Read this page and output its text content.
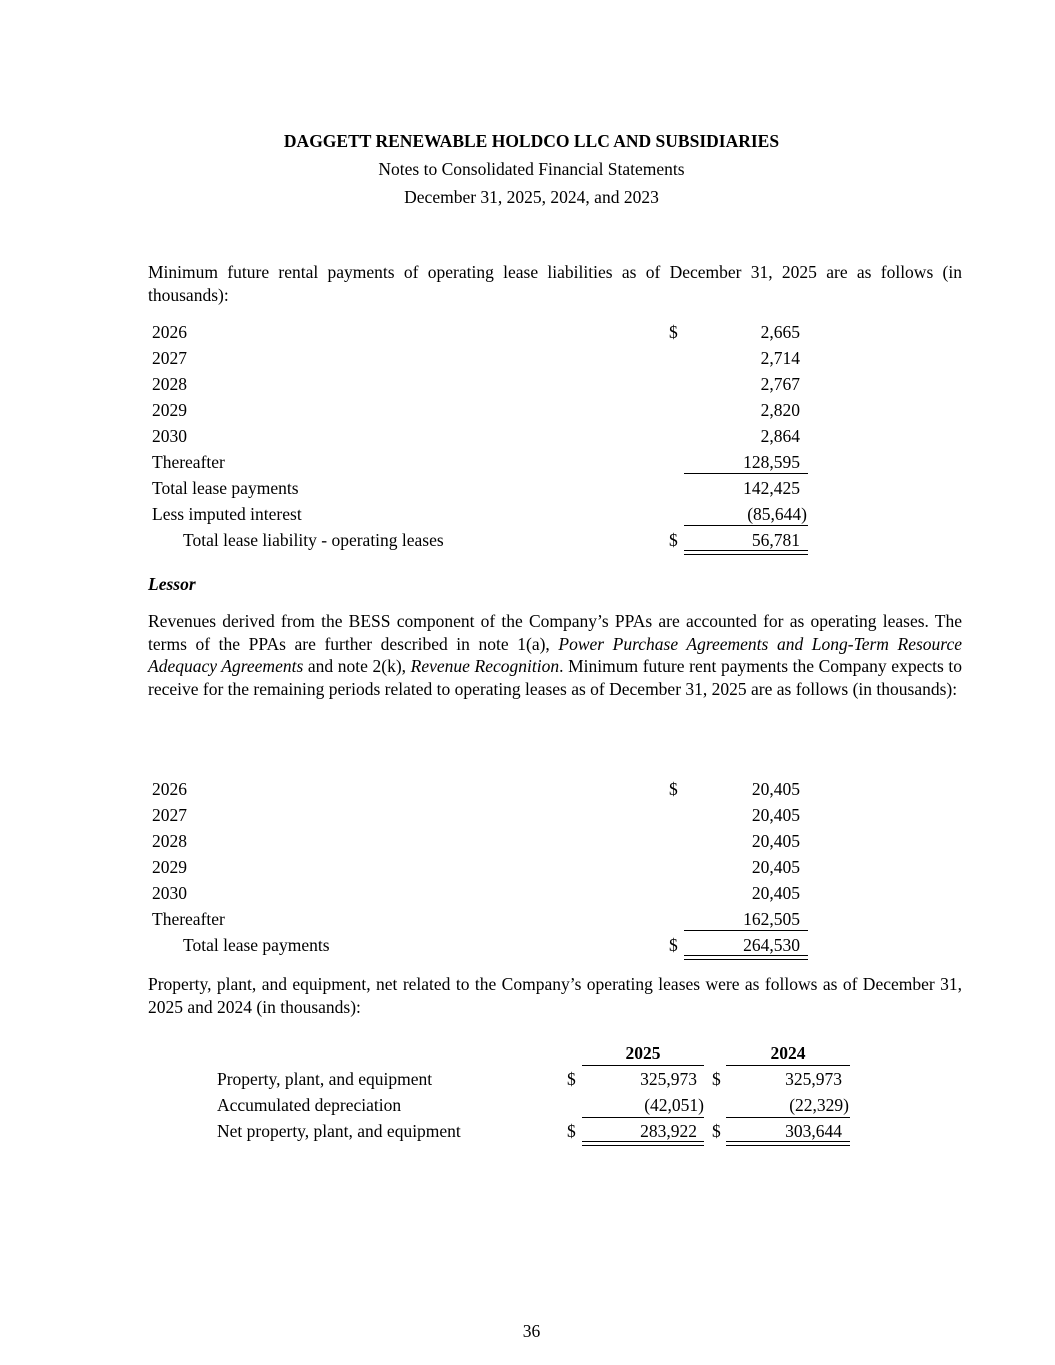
DAGGETT RENEWABLE HOLDCO LLC AND SUBSIDIARIES
Notes to Consolidated Financial Statements
December 31, 2025, 2024, and 2023
Minimum future rental payments of operating lease liabilities as of December 31, 2025 are as follows (in thousands):
2026	$	2,665
2027	2,714
2028	2,767
2029	2,820
2030	2,864
Thereafter	128,595
Total lease payments	142,425
Less imputed interest	(85,644)
Total lease liability - operating leases	$	56,781
Lessor
Revenues derived from the BESS component of the Company’s PPAs are accounted for as operating leases. The terms of the PPAs are further described in note 1(a), Power Purchase Agreements and Long-Term Resource Adequacy Agreements and note 2(k), Revenue Recognition. Minimum future rent payments the Company expects to receive for the remaining periods related to operating leases as of December 31, 2025 are as follows (in thousands):
2026	$	20,405
2027	20,405
2028	20,405
2029	20,405
2030	20,405
Thereafter	162,505
Total lease payments	$	264,530
Property, plant, and equipment, net related to the Company’s operating leases were as follows as of December 31, 2025 and 2024 (in thousands):
2025	2024
Property, plant, and equipment	$	325,973 $	325,973
Accumulated depreciation	(42,051)	(22,329)
Net property, plant, and equipment	$	283,922 $	303,644
36
